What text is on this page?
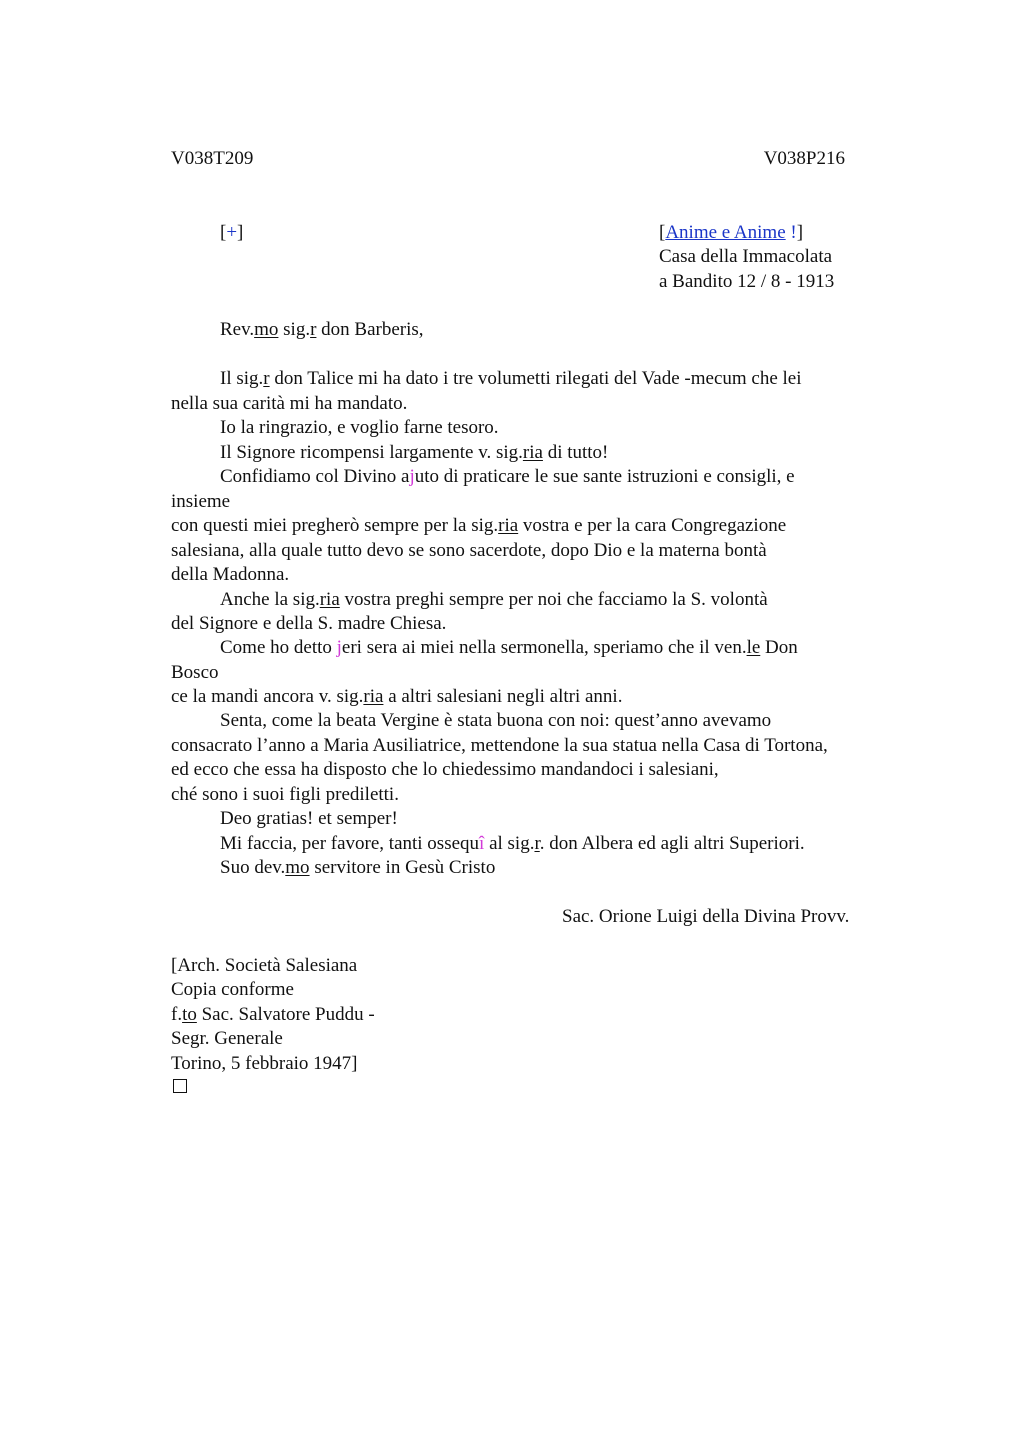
V038T209	V038P216
[+]	[Anime e Anime !]
Casa della Immacolata
a Bandito 12 / 8 - 1913
Rev.mo sig.r don Barberis,
Il sig.r don Talice mi ha dato i tre volumetti rilegati del Vade -mecum che lei
nella sua carità mi ha mandato.
Io la ringrazio, e voglio farne tesoro.
Il Signore ricompensi largamente v. sig.ria di tutto!
Confidiamo col Divino ajuto di praticare le sue sante istruzioni e consigli, e
insieme
con questi miei pregherò sempre per la sig.ria vostra e per la cara Congregazione
salesiana, alla quale tutto devo se sono sacerdote, dopo Dio e la materna bontà
della Madonna.
Anche la sig.ria vostra preghi sempre per noi che facciamo la S. volontà
del Signore e della S. madre Chiesa.
Come ho detto jeri sera ai miei nella sermonella, speriamo che il ven.le Don
Bosco
ce la mandi ancora v. sig.ria a altri salesiani negli altri anni.
Senta, come la beata Vergine è stata buona con noi: quest’anno avevamo
consacrato l’anno a Maria Ausiliatrice, mettendone la sua statua nella Casa di Tortona,
ed ecco che essa ha disposto che lo chiedessimo mandandoci i salesiani,
ché sono i suoi figli prediletti.
Deo gratias! et semper!
Mi faccia, per favore, tanti ossequî al sig.r. don Albera ed agli altri Superiori.
Suo dev.mo servitore in Gesù Cristo
Sac. Orione Luigi della Divina Provv.
[Arch. Società Salesiana
Copia conforme
f.to Sac. Salvatore Puddu -
Segr. Generale
Torino, 5 febbraio 1947]
